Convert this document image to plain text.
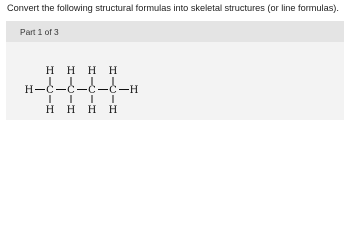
Convert the following structural formulas into skeletal structures (or line formulas).
Part 1 of 3
H H H H
H C C C C H
H H H H
